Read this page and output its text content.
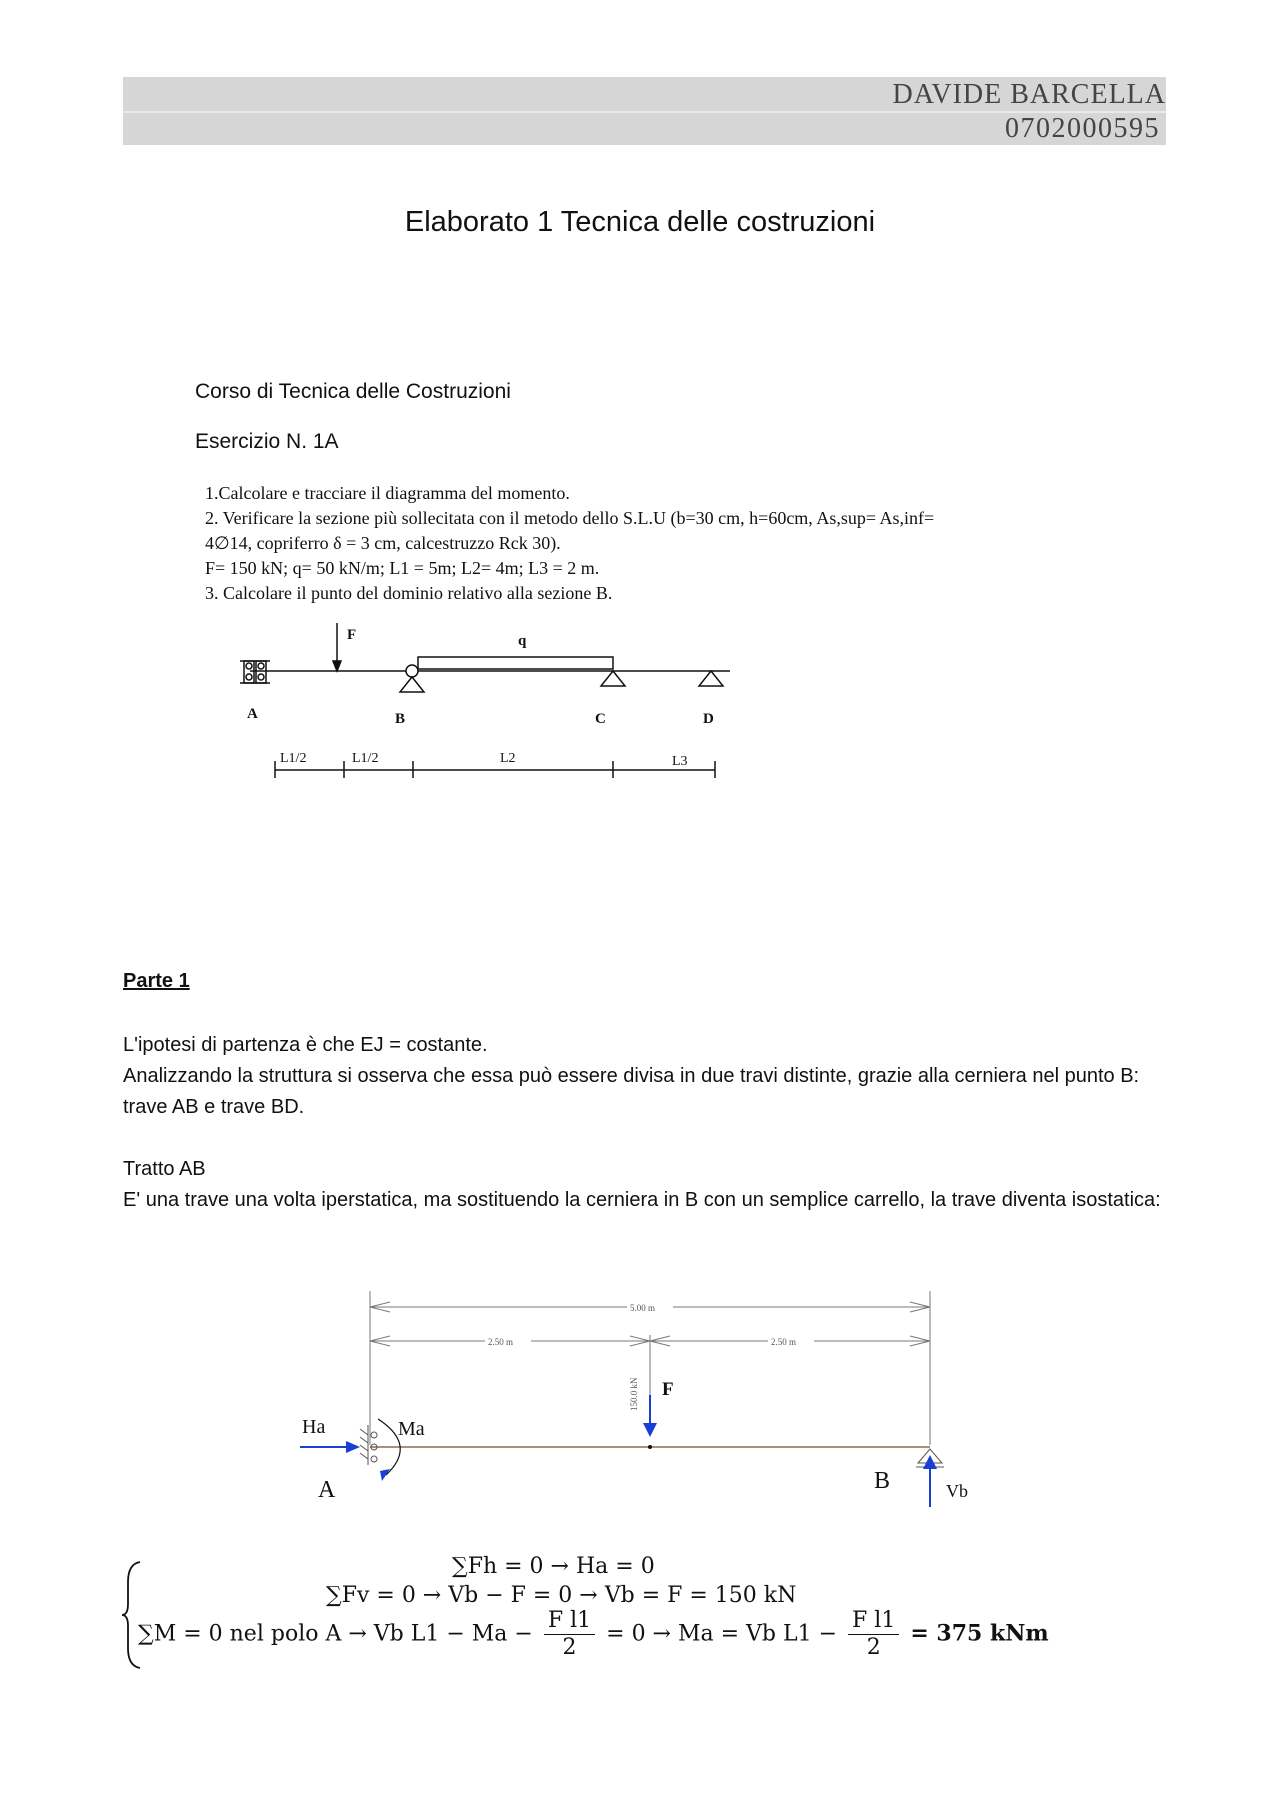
DAVIDE BARCELLA
0702000595
Elaborato 1 Tecnica delle costruzioni
Corso di Tecnica delle Costruzioni
Esercizio N. 1A
1.Calcolare e tracciare il diagramma del momento.
2. Verificare la sezione più sollecitata con il metodo dello S.L.U (b=30 cm, h=60cm, As,sup= As,inf=
4∅14, copriferro δ = 3 cm, calcestruzzo Rck 30).
F= 150 kN; q= 50 kN/m; L1 = 5m; L2= 4m; L3 = 2 m.
3. Calcolare il punto del dominio relativo alla sezione B.
F	q
A	B	C	D
L1/2	L1/2	L2	L3
Parte 1
L'ipotesi di partenza è che EJ = costante.
Analizzando la struttura si osserva che essa può essere divisa in due travi distinte, grazie alla cerniera nel punto B: trave AB e trave BD.
Tratto AB
E' una trave una volta iperstatica, ma sostituendo la cerniera in B con un semplice carrello, la trave diventa isostatica:
5.00 m
2.50 m	2.50 m
150.0 kN
Ha	Ma
A	B	Vb
F
∑Fh = 0 → Ha = 0
∑Fv = 0 → Vb − F = 0 → Vb = F = 150 kN
∑M = 0 nel polo A → Vb $L1 - Ma - \frac{\text{F l1}}{2} = 0 \to Ma = Vb$ $L1 - \frac{\text{F l1}}{2} = 375$ kNm
